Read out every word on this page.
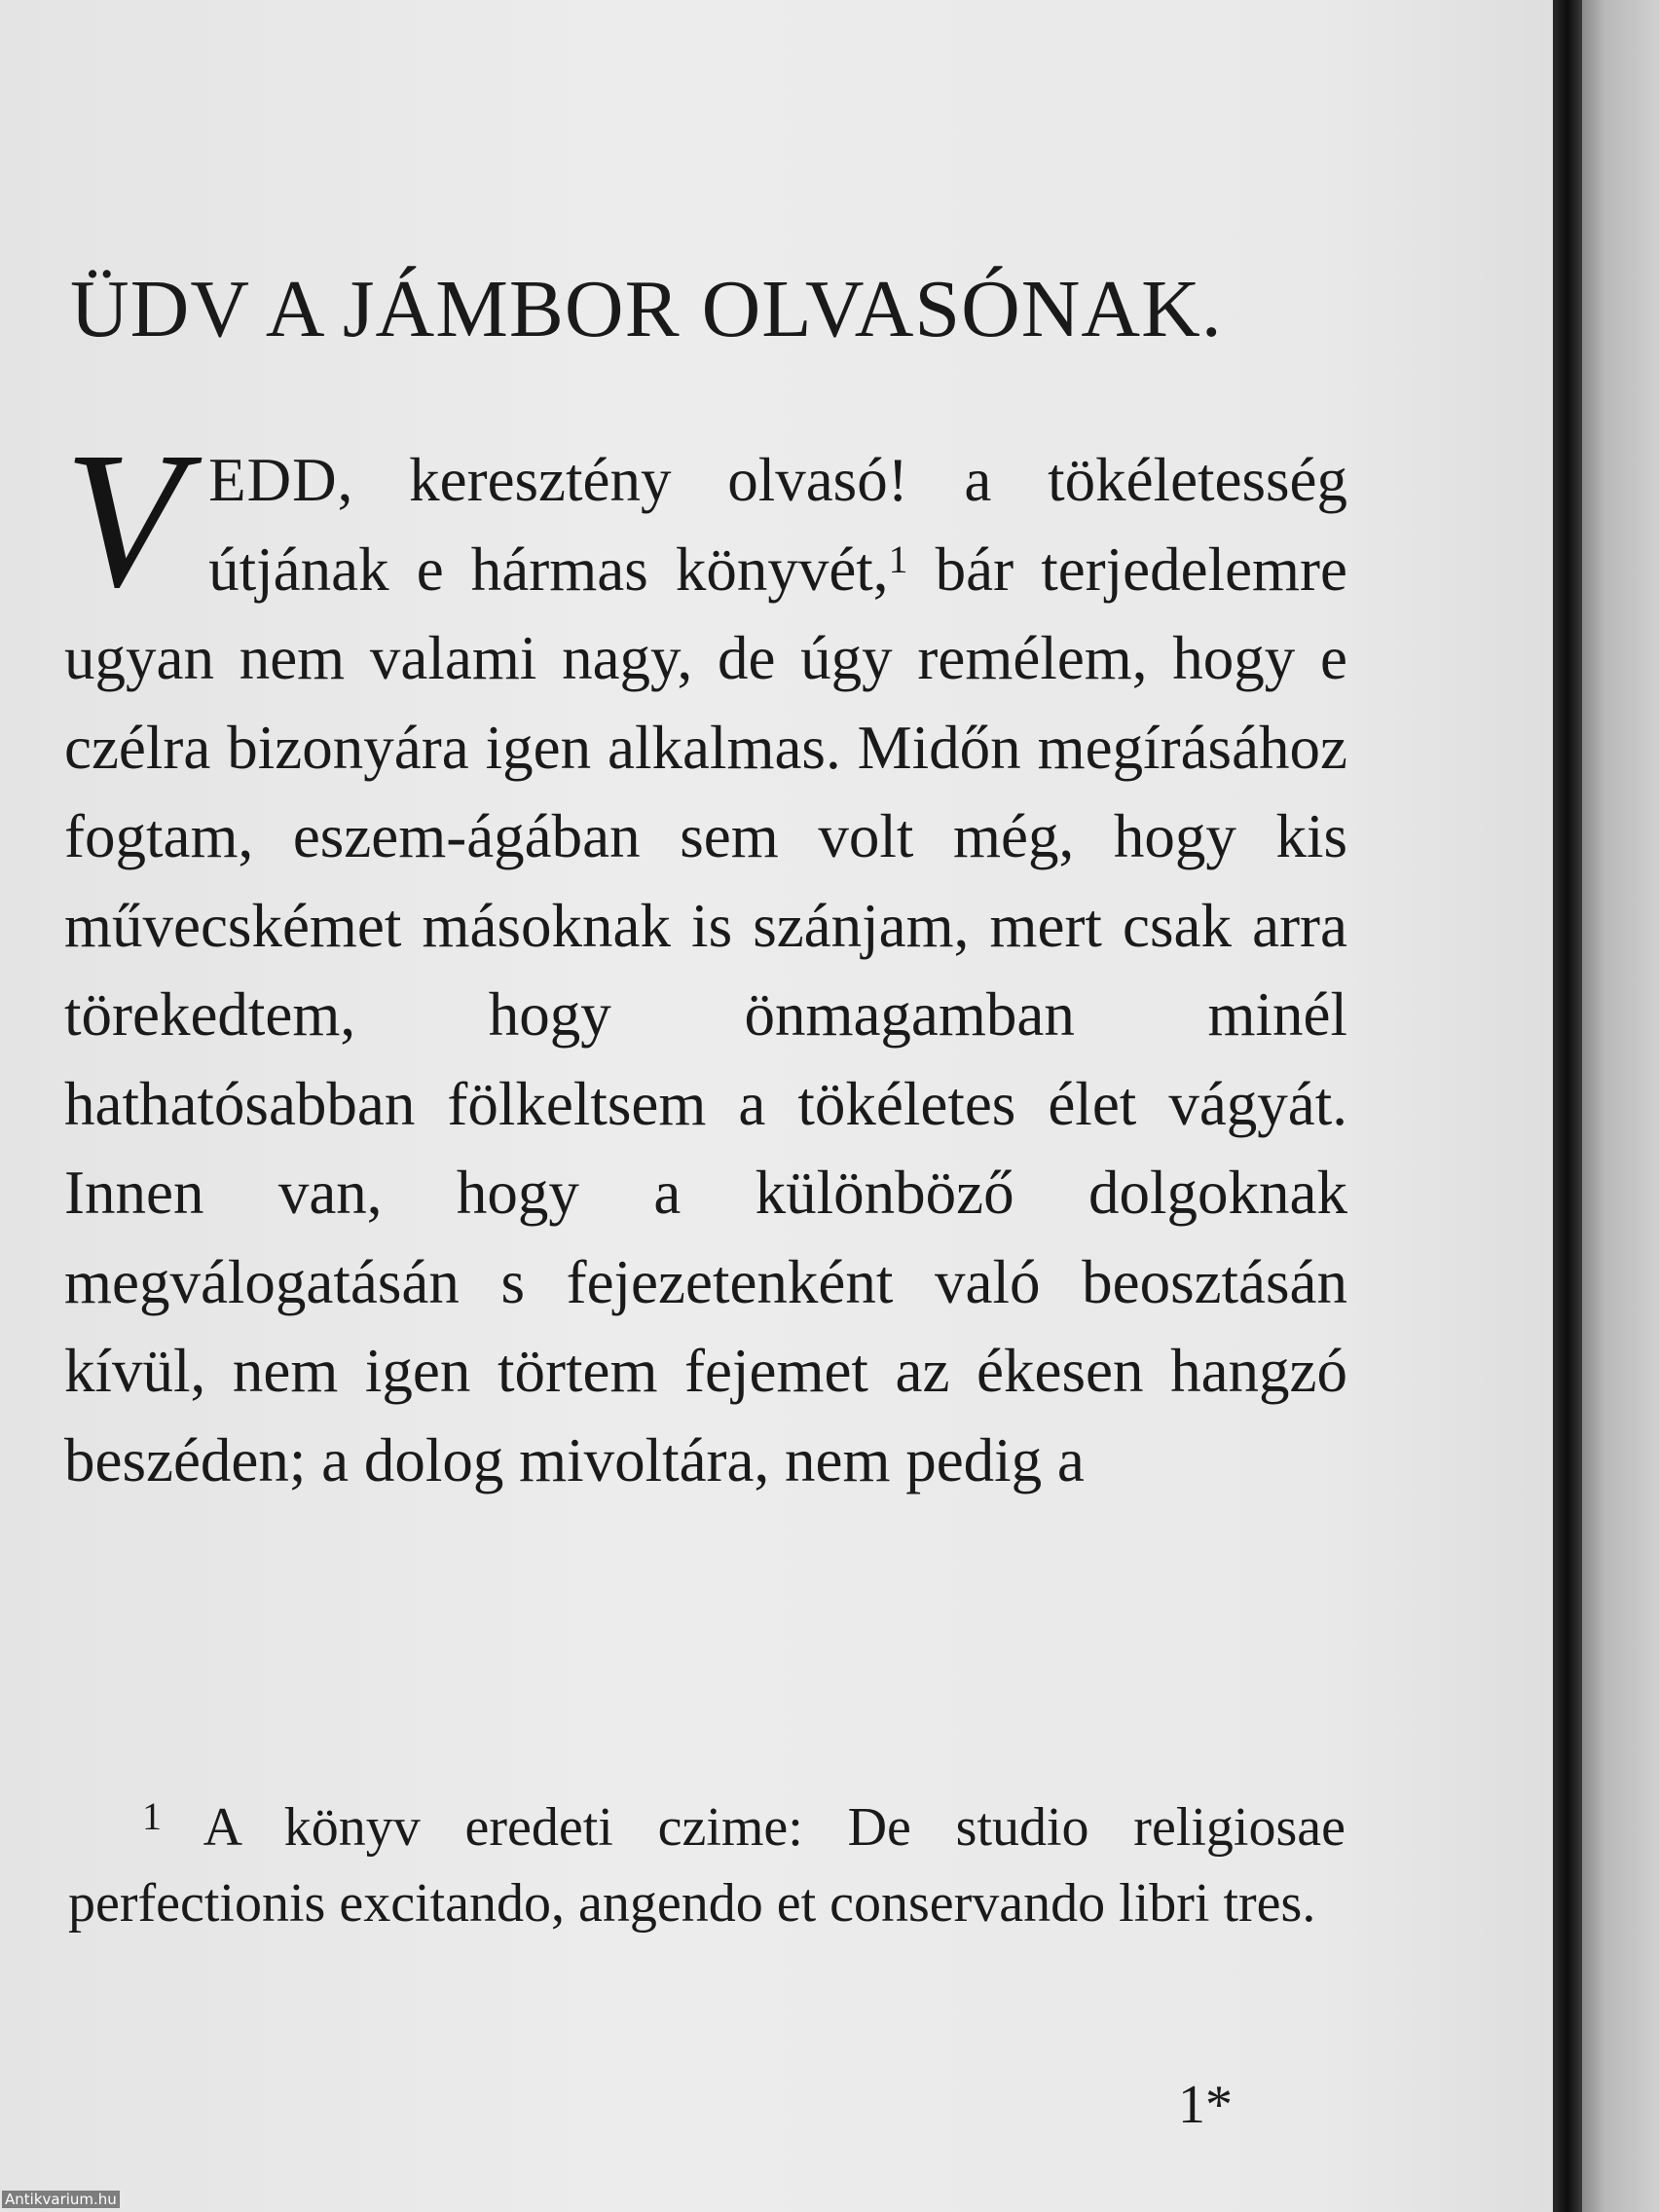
ÜDV A JÁMBOR OLVASÓNAK.
VEDD, keresztény olvasó! a tökéletesség útjának e hármas könyvét,$^1$ bár terjedelemre ugyan nem valami nagy, de úgy remélem, hogy e czélra bizonyára igen alkalmas. Midőn megírásához fogtam, eszem-ágában sem volt még, hogy kis művecskémet másoknak is szánjam, mert csak arra törekedtem, hogy önmagamban minél hathatósabban fölkeltsem a tökéletes élet vágyát. Innen van, hogy a különböző dolgoknak megválogatásán s fejezetenként való beosztásán kívül, nem igen törtem fejemet az ékesen hangzó beszéden; a dolog mivoltára, nem pedig a
$^1$ A könyv eredeti czime: De studio religiosae perfectionis excitando, angendo et conservando libri tres.
1*
Antikvarium.hu
